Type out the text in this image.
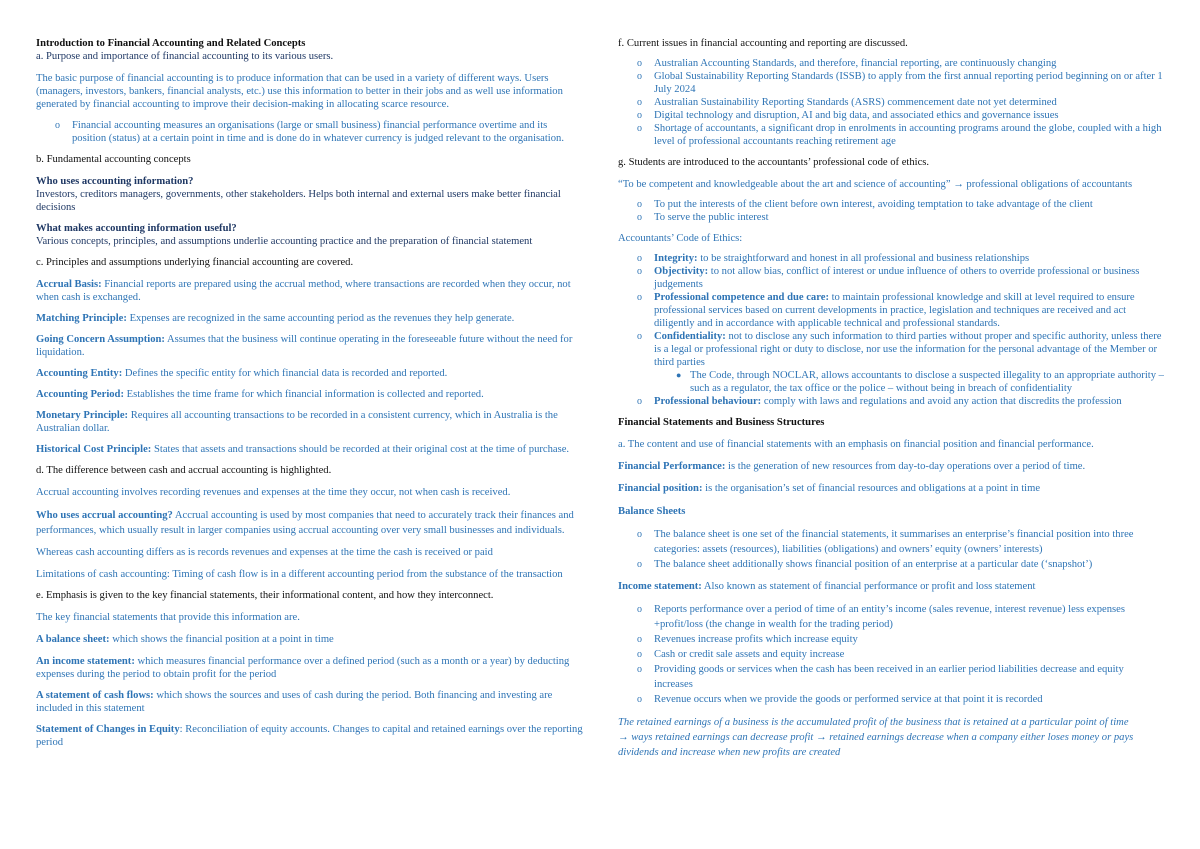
Introduction to Financial Accounting and Related Concepts

a. Purpose and importance of financial accounting to its various users.

The basic purpose of financial accounting is to produce information that can be used in a variety of different ways. Users (managers, investors, bankers, financial analysts, etc.) use this information to better in their jobs and as well use information generated by financial accounting to improve their decision-making in allocating scarce resource.

o Financial accounting measures an organisations (large or small business) financial performance overtime and its position (status) at a certain point in time and is done do in whatever currency is judged relevant to the organisation.

b. Fundamental accounting concepts

Who uses accounting information?
Investors, creditors managers, governments, other stakeholders. Helps both internal and external users make better financial decisions

What makes accounting information useful?
Various concepts, principles, and assumptions underlie accounting practice and the preparation of financial statement

c. Principles and assumptions underlying financial accounting are covered.

Accrual Basis: Financial reports are prepared using the accrual method, where transactions are recorded when they occur, not when cash is exchanged.

Matching Principle: Expenses are recognized in the same accounting period as the revenues they help generate.

Going Concern Assumption: Assumes that the business will continue operating in the foreseeable future without the need for liquidation.

Accounting Entity: Defines the specific entity for which financial data is recorded and reported.

Accounting Period: Establishes the time frame for which financial information is collected and reported.

Monetary Principle: Requires all accounting transactions to be recorded in a consistent currency, which in Australia is the Australian dollar.

Historical Cost Principle: States that assets and transactions should be recorded at their original cost at the time of purchase.

d. The difference between cash and accrual accounting is highlighted.

Accrual accounting involves recording revenues and expenses at the time they occur, not when cash is received.

Who uses accrual accounting? Accrual accounting is used by most companies that need to accurately track their finances and performances, which usually result in larger companies using accrual accounting over very small businesses and individuals.

Whereas cash accounting differs as is records revenues and expenses at the time the cash is received or paid

Limitations of cash accounting: Timing of cash flow is in a different accounting period from the substance of the transaction

e. Emphasis is given to the key financial statements, their informational content, and how they interconnect.

The key financial statements that provide this information are.

A balance sheet: which shows the financial position at a point in time

An income statement: which measures financial performance over a defined period (such as a month or a year) by deducting expenses during the period to obtain profit for the period

A statement of cash flows: which shows the sources and uses of cash during the period. Both financing and investing are included in this statement

Statement of Changes in Equity: Reconciliation of equity accounts. Changes to capital and retained earnings over the reporting period

f. Current issues in financial accounting and reporting are discussed.

o Australian Accounting Standards, and therefore, financial reporting, are continuously changing
o Global Sustainability Reporting Standards (ISSB) to apply from the first annual reporting period beginning on or after 1 July 2024
o Australian Sustainability Reporting Standards (ASRS) commencement date not yet determined
o Digital technology and disruption, AI and big data, and associated ethics and governance issues
o Shortage of accountants, a significant drop in enrolments in accounting programs around the globe, coupled with a high level of professional accountants reaching retirement age

g. Students are introduced to the accountants’ professional code of ethics.

“To be competent and knowledgeable about the art and science of accounting” → professional obligations of accountants

o To put the interests of the client before own interest, avoiding temptation to take advantage of the client
o To serve the public interest

Accountants’ Code of Ethics:

o Integrity: to be straightforward and honest in all professional and business relationships
o Objectivity: to not allow bias, conflict of interest or undue influence of others to override professional or business judgements
o Professional competence and due care: to maintain professional knowledge and skill at level required to ensure professional services based on current developments in practice, legislation and techniques are received and act diligently and in accordance with applicable technical and professional standards.
o Confidentiality: not to disclose any such information to third parties without proper and specific authority, unless there is a legal or professional right or duty to disclose, nor use the information for the personal advantage of the Member or third parties
● The Code, through NOCLAR, allows accountants to disclose a suspected illegality to an appropriate authority – such as a regulator, the tax office or the police – without being in breach of confidentiality
o Professional behaviour: comply with laws and regulations and avoid any action that discredits the profession

Financial Statements and Business Structures

a. The content and use of financial statements with an emphasis on financial position and financial performance.

Financial Performance: is the generation of new resources from day-to-day operations over a period of time.

Financial position: is the organisation’s set of financial resources and obligations at a point in time

Balance Sheets

o The balance sheet is one set of the financial statements, it summarises an enterprise’s financial position into three categories: assets (resources), liabilities (obligations) and owners’ equity (owners’ interests)
o The balance sheet additionally shows financial position of an enterprise at a particular date (‘snapshot’)

Income statement: Also known as statement of financial performance or profit and loss statement

o Reports performance over a period of time of an entity’s income (sales revenue, interest revenue) less expenses +profit/loss (the change in wealth for the trading period)
o Revenues increase profits which increase equity
o Cash or credit sale assets and equity increase
o Providing goods or services when the cash has been received in an earlier period liabilities decrease and equity increases
o Revenue occurs when we provide the goods or performed service at that point it is recorded

The retained earnings of a business is the accumulated profit of the business that is retained at a particular point of time
→ ways retained earnings can decrease profit → retained earnings decrease when a company either loses money or pays dividends and increase when new profits are created
